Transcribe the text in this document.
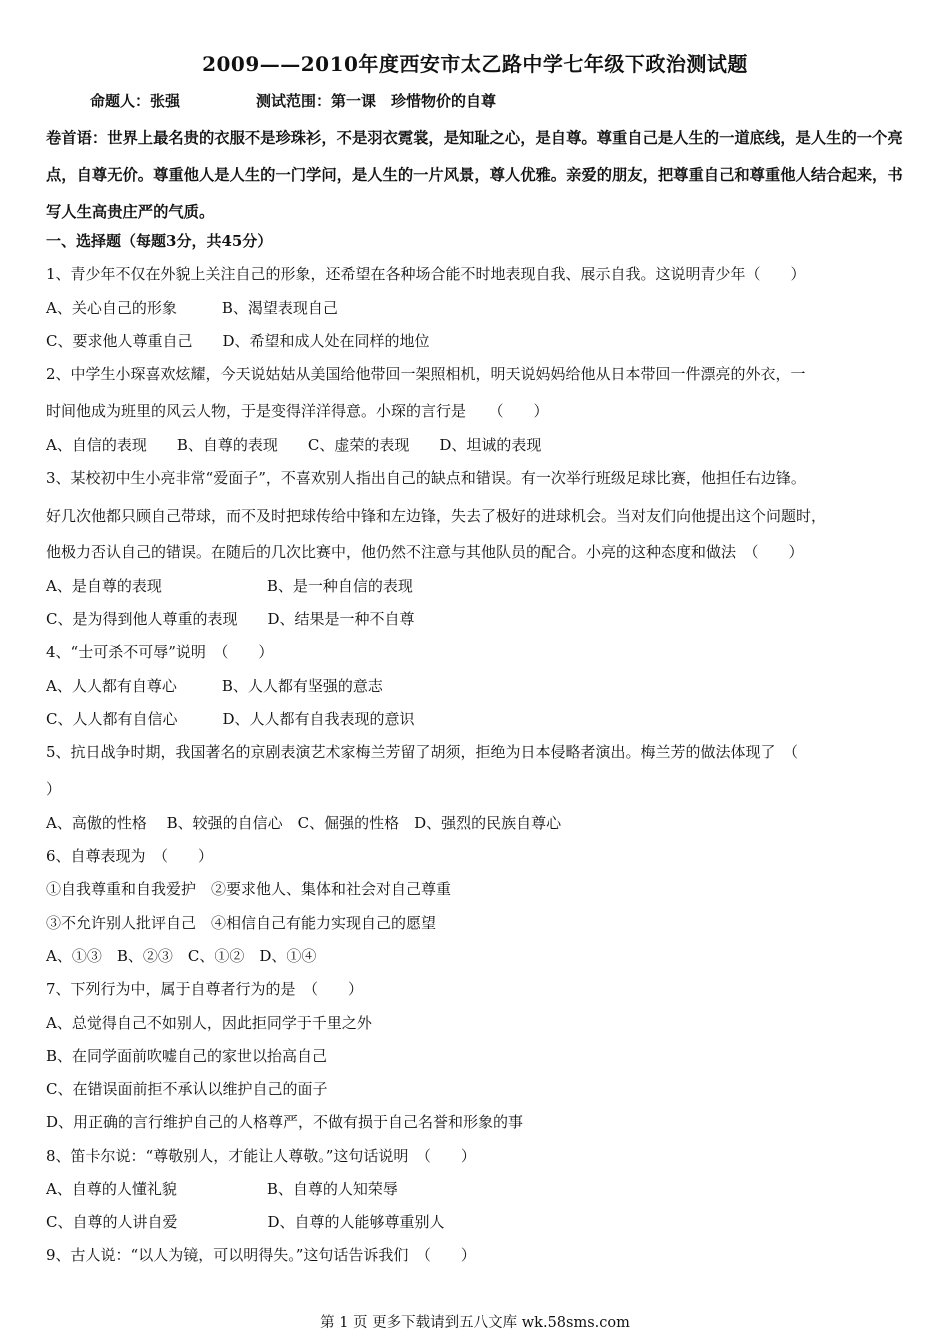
2009——2010年度西安市太乙路中学七年级下政治测试题
命题人：张强	测试范围：第一课　珍惜物价的自尊
卷首语：世界上最名贵的衣服不是珍珠衫，不是羽衣霓裳，是知耻之心，是自尊。尊重自己是人生的一道底线，是人生的一个亮点，自尊无价。尊重他人是人生的一门学问，是人生的一片风景，尊人优雅。亲爱的朋友，把尊重自己和尊重他人结合起来，书写人生高贵庄严的气质。
一、选择题（每题3分，共45分）
1、青少年不仅在外貌上关注自己的形象，还希望在各种场合能不时地表现自我、展示自我。这说明青少年（　　）
A、关心自己的形象　　　B、渴望表现自己
C、要求他人尊重自己　　D、希望和成人处在同样的地位
2、中学生小琛喜欢炫耀，今天说姑姑从美国给他带回一架照相机，明天说妈妈给他从日本带回一件漂亮的外衣，一
时间他成为班里的风云人物，于是变得洋洋得意。小琛的言行是　　（　　）
A、自信的表现　　B、自尊的表现　　C、虚荣的表现　　D、坦诚的表现
3、某校初中生小亮非常“爱面子”，不喜欢别人指出自己的缺点和错误。有一次举行班级足球比赛，他担任右边锋。
好几次他都只顾自己带球，而不及时把球传给中锋和左边锋，失去了极好的进球机会。当对友们向他提出这个问题时，
他极力否认自己的错误。在随后的几次比赛中，他仍然不注意与其他队员的配合。小亮的这种态度和做法　（　　）
A、是自尊的表现　　　　　　　B、是一种自信的表现
C、是为得到他人尊重的表现　　D、结果是一种不自尊
4、“士可杀不可辱”说明　（　　）
A、人人都有自尊心　　　B、人人都有坚强的意志
C、人人都有自信心　　　D、人人都有自我表现的意识
5、抗日战争时期，我国著名的京剧表演艺术家梅兰芳留了胡须，拒绝为日本侵略者演出。梅兰芳的做法体现了　（
）
A、高傲的性格　 B、较强的自信心　C、倔强的性格　D、强烈的民族自尊心
6、自尊表现为　（　　）
①自我尊重和自我爱护　②要求他人、集体和社会对自己尊重
③不允许别人批评自己　④相信自己有能力实现自己的愿望
A、①③　B、②③　C、①②　D、①④
7、下列行为中，属于自尊者行为的是　（　　）
A、总觉得自己不如别人，因此拒同学于千里之外
B、在同学面前吹嘘自己的家世以抬高自己
C、在错误面前拒不承认以维护自己的面子
D、用正确的言行维护自己的人格尊严，不做有损于自己名誉和形象的事
8、笛卡尔说：“尊敬别人，才能让人尊敬。”这句话说明　（　　）
A、自尊的人懂礼貌　　　　　　B、自尊的人知荣辱
C、自尊的人讲自爱　　　　　　D、自尊的人能够尊重别人
9、古人说：“以人为镜，可以明得失。”这句话告诉我们　（　　）
第 1 页 更多下载请到五八文库 wk.58sms.com
